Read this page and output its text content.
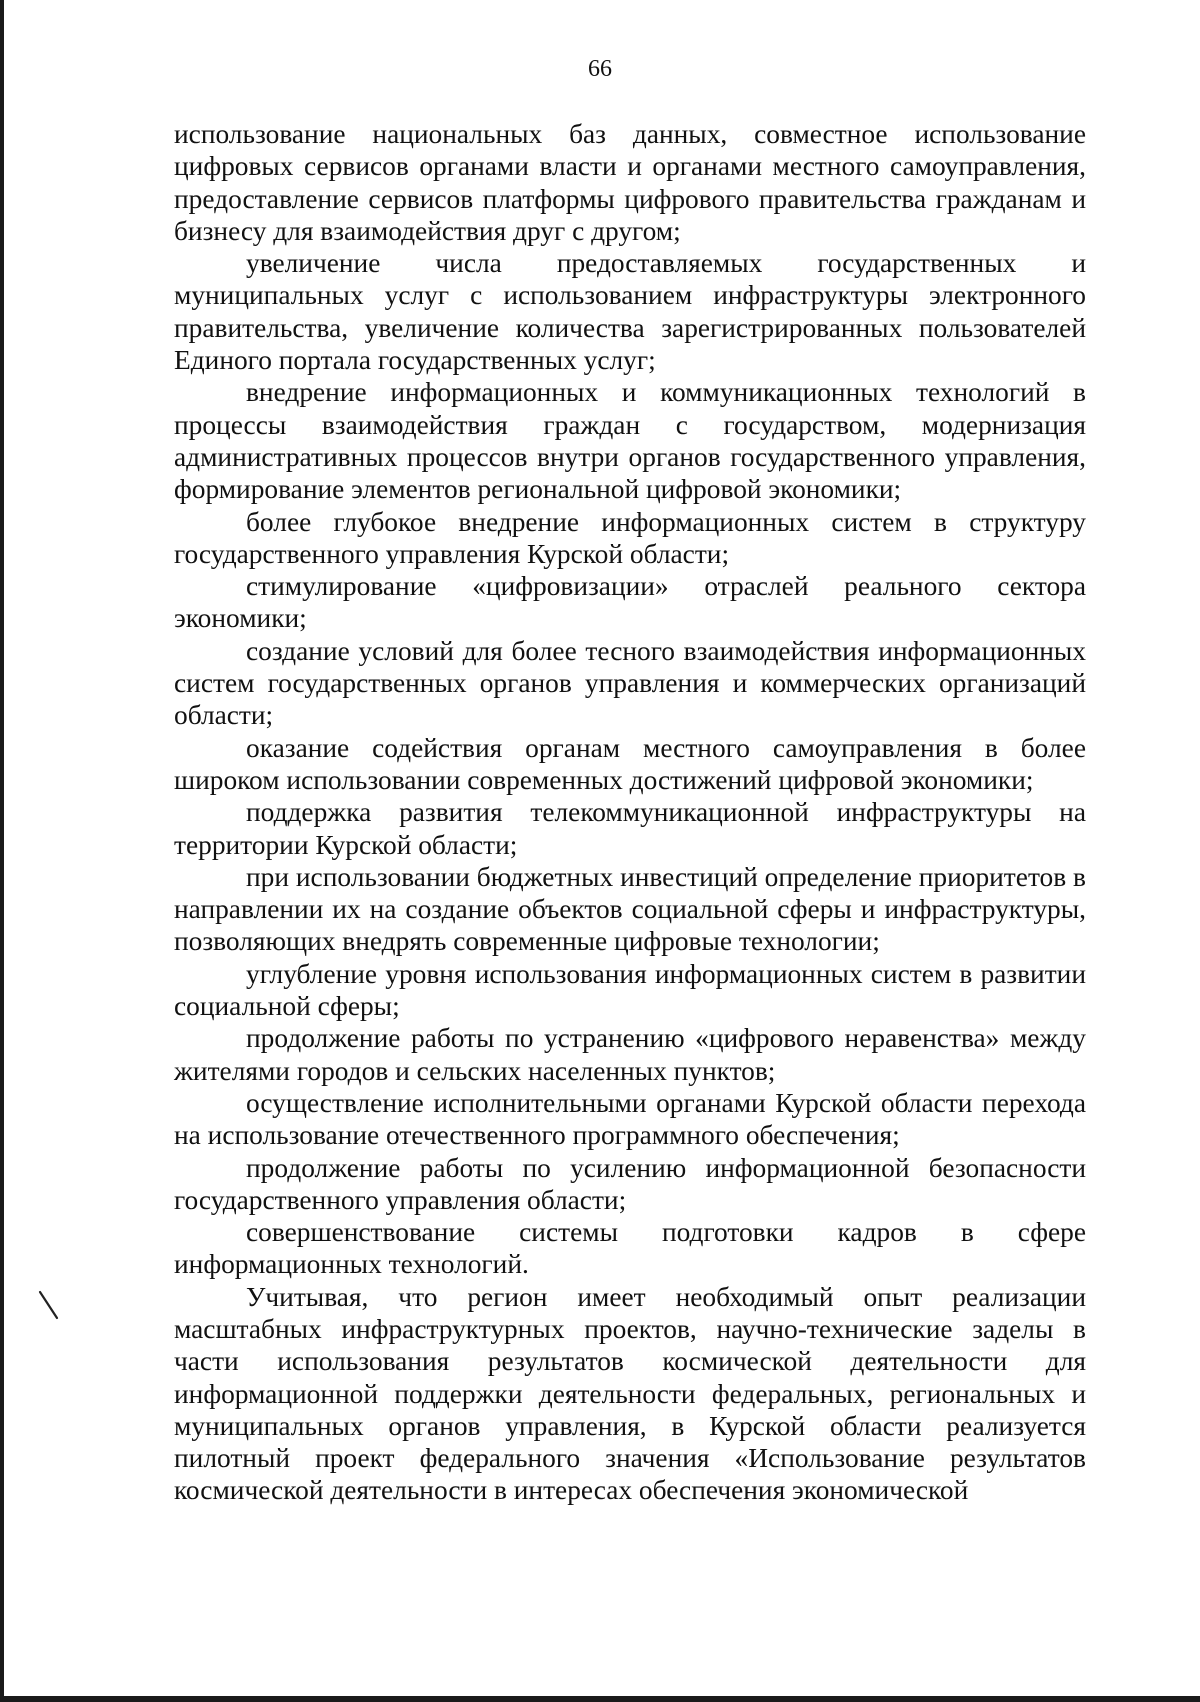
66

использование национальных баз данных, совместное использование цифровых сервисов органами власти и органами местного самоуправления, предоставление сервисов платформы цифрового правительства гражданам и бизнесу для взаимодействия друг с другом;

увеличение числа предоставляемых государственных и муниципальных услуг с использованием инфраструктуры электронного правительства, увеличение количества зарегистрированных пользователей Единого портала государственных услуг;

внедрение информационных и коммуникационных технологий в процессы взаимодействия граждан с государством, модернизация административных процессов внутри органов государственного управления, формирование элементов региональной цифровой экономики;

более глубокое внедрение информационных систем в структуру государственного управления Курской области;

стимулирование «цифровизации» отраслей реального сектора экономики;

создание условий для более тесного взаимодействия информационных систем государственных органов управления и коммерческих организаций области;

оказание содействия органам местного самоуправления в более широком использовании современных достижений цифровой экономики;

поддержка развития телекоммуникационной инфраструктуры на территории Курской области;

при использовании бюджетных инвестиций определение приоритетов в направлении их на создание объектов социальной сферы и инфраструктуры, позволяющих внедрять современные цифровые технологии;

углубление уровня использования информационных систем в развитии социальной сферы;

продолжение работы по устранению «цифрового неравенства» между жителями городов и сельских населенных пунктов;

осуществление исполнительными органами Курской области перехода на использование отечественного программного обеспечения;

продолжение работы по усилению информационной безопасности государственного управления области;

совершенствование системы подготовки кадров в сфере информационных технологий.

Учитывая, что регион имеет необходимый опыт реализации масштабных инфраструктурных проектов, научно-технические заделы в части использования результатов космической деятельности для информационной поддержки деятельности федеральных, региональных и муниципальных органов управления, в Курской области реализуется пилотный проект федерального значения «Использование результатов космической деятельности в интересах обеспечения экономической
